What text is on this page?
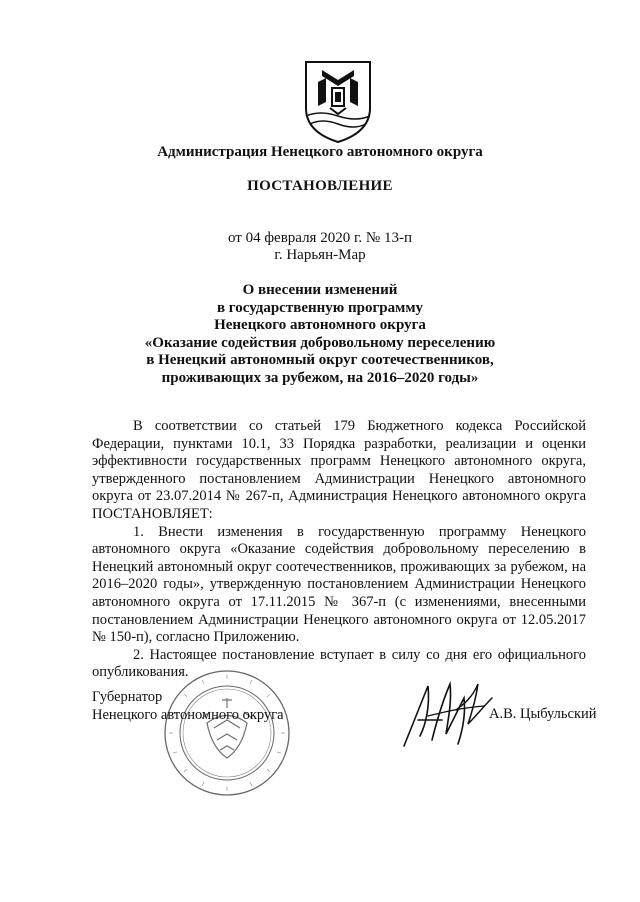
Администрация Ненецкого автономного округа
ПОСТАНОВЛЕНИЕ
от 04 февраля 2020 г. № 13-п
г. Нарьян-Мар
О внесении изменений
в государственную программу
Ненецкого автономного округа
«Оказание содействия добровольному переселению
в Ненецкий автономный округ соотечественников,
проживающих за рубежом, на 2016–2020 годы»

В соответствии со статьей 179 Бюджетного кодекса Российской Федерации, пунктами 10.1, 33 Порядка разработки, реализации и оценки эффективности государственных программ Ненецкого автономного округа, утвержденного постановлением Администрации Ненецкого автономного округа от 23.07.2014 № 267-п, Администрация Ненецкого автономного округа ПОСТАНОВЛЯЕТ:

1. Внести изменения в государственную программу Ненецкого автономного округа «Оказание содействия добровольному переселению в Ненецкий автономный округ соотечественников, проживающих за рубежом, на 2016–2020 годы», утвержденную постановлением Администрации Ненецкого автономного округа от 17.11.2015 № 367-п (с изменениями, внесенными постановлением Администрации Ненецкого автономного округа от 12.05.2017 № 150-п), согласно Приложению.

2. Настоящее постановление вступает в силу со дня его официального опубликования.

Губернатор
Ненецкого автономного округа	А.В. Цыбульский
